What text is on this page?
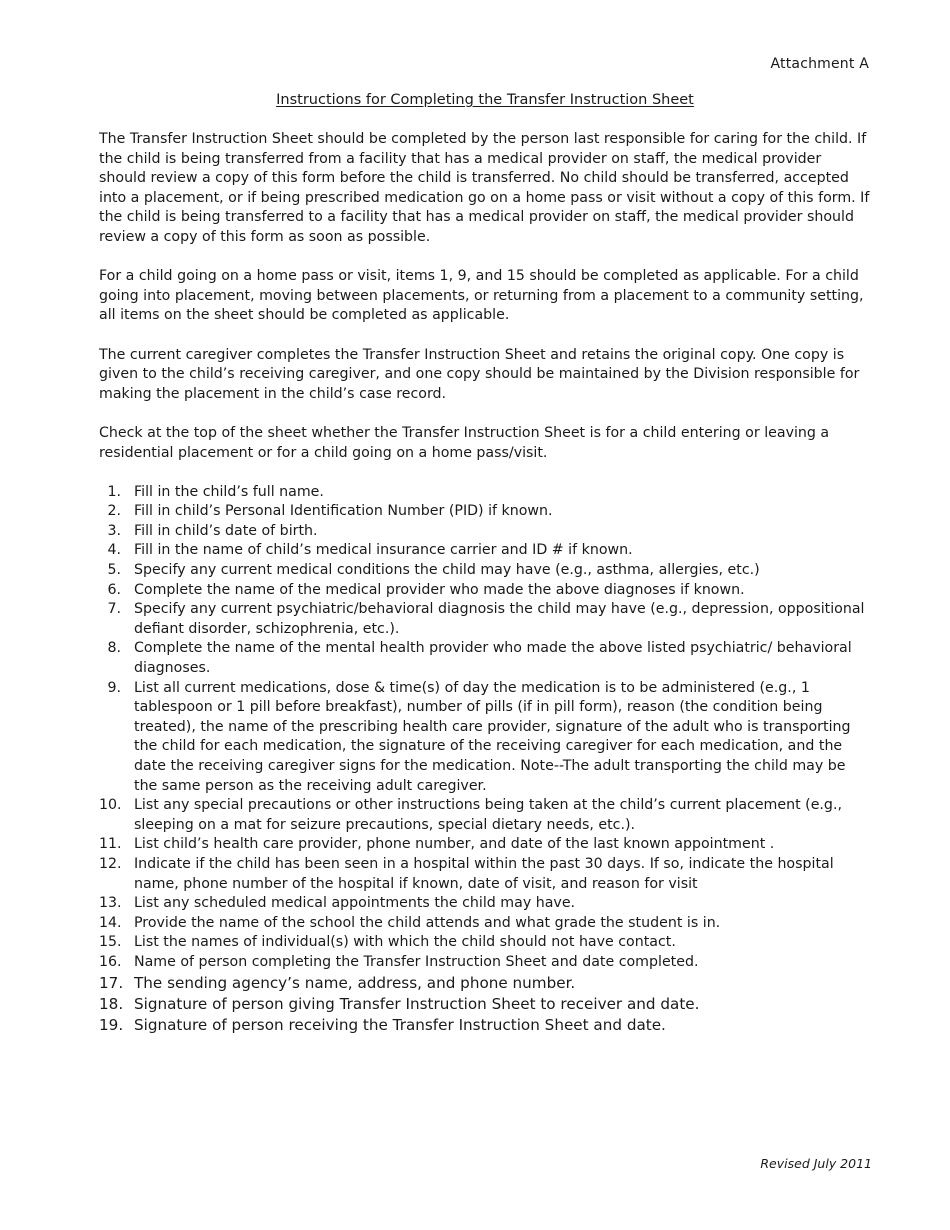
Attachment A
Instructions for Completing the Transfer Instruction Sheet

The Transfer Instruction Sheet should be completed by the person last responsible for caring for the child. If the child is being transferred from a facility that has a medical provider on staff, the medical provider should review a copy of this form before the child is transferred. No child should be transferred, accepted into a placement, or if being prescribed medication go on a home pass or visit without a copy of this form. If the child is being transferred to a facility that has a medical provider on staff, the medical provider should review a copy of this form as soon as possible.

For a child going on a home pass or visit, items 1, 9, and 15 should be completed as applicable. For a child going into placement, moving between placements, or returning from a placement to a community setting, all items on the sheet should be completed as applicable.

The current caregiver completes the Transfer Instruction Sheet and retains the original copy. One copy is given to the child’s receiving caregiver, and one copy should be maintained by the Division responsible for making the placement in the child’s case record.

Check at the top of the sheet whether the Transfer Instruction Sheet is for a child entering or leaving a residential placement or for a child going on a home pass/visit.

1. Fill in the child’s full name.
2. Fill in child’s Personal Identification Number (PID) if known.
3. Fill in child’s date of birth.
4. Fill in the name of child’s medical insurance carrier and ID # if known.
5. Specify any current medical conditions the child may have (e.g., asthma, allergies, etc.)
6. Complete the name of the medical provider who made the above diagnoses if known.
7. Specify any current psychiatric/behavioral diagnosis the child may have (e.g., depression, oppositional defiant disorder, schizophrenia, etc.).
8. Complete the name of the mental health provider who made the above listed psychiatric/ behavioral diagnoses.
9. List all current medications, dose & time(s) of day the medication is to be administered (e.g., 1 tablespoon or 1 pill before breakfast), number of pills (if in pill form), reason (the condition being treated), the name of the prescribing health care provider, signature of the adult who is transporting the child for each medication, the signature of the receiving caregiver for each medication, and the date the receiving caregiver signs for the medication. Note--The adult transporting the child may be the same person as the receiving adult caregiver.
10. List any special precautions or other instructions being taken at the child’s current placement (e.g., sleeping on a mat for seizure precautions, special dietary needs, etc.).
11. List child’s health care provider, phone number, and date of the last known appointment .
12. Indicate if the child has been seen in a hospital within the past 30 days. If so, indicate the hospital name, phone number of the hospital if known, date of visit, and reason for visit
13. List any scheduled medical appointments the child may have.
14. Provide the name of the school the child attends and what grade the student is in.
15. List the names of individual(s) with which the child should not have contact.
16. Name of person completing the Transfer Instruction Sheet and date completed.
17. The sending agency’s name, address, and phone number.
18. Signature of person giving Transfer Instruction Sheet to receiver and date.
19. Signature of person receiving the Transfer Instruction Sheet and date.
Revised July 2011
